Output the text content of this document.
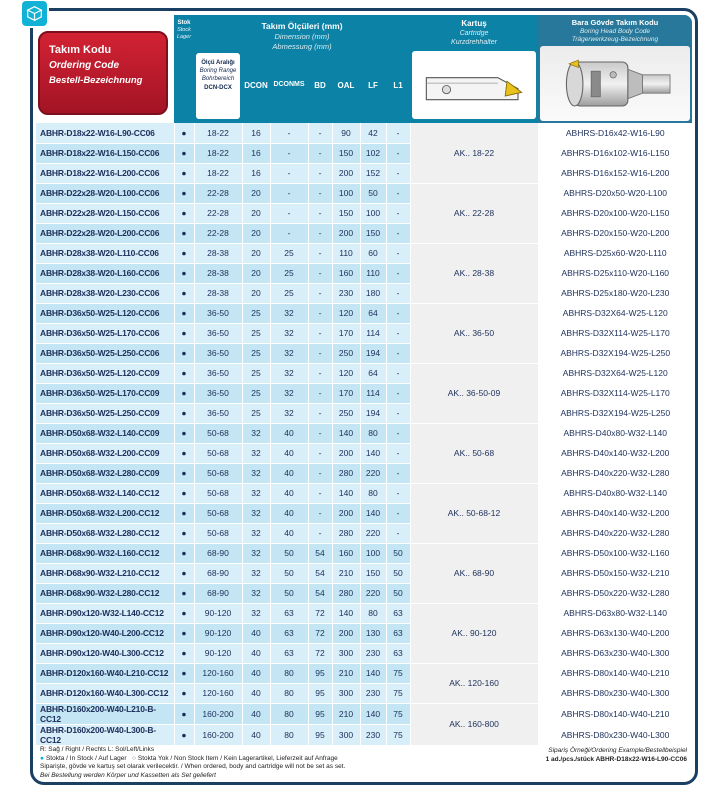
Takım Kodu
Ordering Code
Bestell-Bezeichnung
Stok
Stock
Lager
Takım Ölçüleri (mm)
Dimension (mm)
Abmessung (mm)
Ölçü Aralığı
Boring Range
Bohrbereich
DCN-DCX	DCON DCONMS	BD	OAL	LF	L1
Kartuş
Cartridge
Kurzdrehhalter
Bara Gövde Takım Kodu
Boring Head Body Code
Trägerwerkzeug-Bezeichnung
ABHR-D18x22-W16-L90-CC06	●	18-22	16	-	-	90	42	-	AK.. 18-22	ABHRS-D16x42-W16-L90
ABHR-D18x22-W16-L150-CC06	●	18-22	16	-	-	150	102	-		ABHRS-D16x102-W16-L150
ABHR-D18x22-W16-L200-CC06	●	18-22	16	-	-	200	152	-		ABHRS-D16x152-W16-L200
ABHR-D22x28-W20-L100-CC06	●	22-28	20	-	-	100	50	-	AK.. 22-28	ABHRS-D20x50-W20-L100
ABHR-D22x28-W20-L150-CC06	●	22-28	20	-	-	150	100	-		ABHRS-D20x100-W20-L150
ABHR-D22x28-W20-L200-CC06	●	22-28	20	-	-	200	150	-		ABHRS-D20x150-W20-L200
ABHR-D28x38-W20-L110-CC06	●	28-38	20	25	-	110	60	-	AK.. 28-38	ABHRS-D25x60-W20-L110
ABHR-D28x38-W20-L160-CC06	●	28-38	20	25	-	160	110	-		ABHRS-D25x110-W20-L160
ABHR-D28x38-W20-L230-CC06	●	28-38	20	25	-	230	180	-		ABHRS-D25x180-W20-L230
ABHR-D36x50-W25-L120-CC06	●	36-50	25	32	-	120	64	-	AK.. 36-50	ABHRS-D32X64-W25-L120
ABHR-D36x50-W25-L170-CC06	●	36-50	25	32	-	170	114	-		ABHRS-D32X114-W25-L170
ABHR-D36x50-W25-L250-CC06	●	36-50	25	32	-	250	194	-		ABHRS-D32X194-W25-L250
ABHR-D36x50-W25-L120-CC09	●	36-50	25	32	-	120	64	-	AK.. 36-50-09	ABHRS-D32X64-W25-L120
ABHR-D36x50-W25-L170-CC09	●	36-50	25	32	-	170	114	-		ABHRS-D32X114-W25-L170
ABHR-D36x50-W25-L250-CC09	●	36-50	25	32	-	250	194	-		ABHRS-D32X194-W25-L250
ABHR-D50x68-W32-L140-CC09	●	50-68	32	40	-	140	80	-	AK.. 50-68	ABHRS-D40x80-W32-L140
ABHR-D50x68-W32-L200-CC09	●	50-68	32	40	-	200	140	-		ABHRS-D40x140-W32-L200
ABHR-D50x68-W32-L280-CC09	●	50-68	32	40	-	280	220	-		ABHRS-D40x220-W32-L280
ABHR-D50x68-W32-L140-CC12	●	50-68	32	40	-	140	80	-	AK.. 50-68-12	ABHRS-D40x80-W32-L140
ABHR-D50x68-W32-L200-CC12	●	50-68	32	40	-	200	140	-		ABHRS-D40x140-W32-L200
ABHR-D50x68-W32-L280-CC12	●	50-68	32	40	-	280	220	-		ABHRS-D40x220-W32-L280
ABHR-D68x90-W32-L160-CC12	●	68-90	32	50	54	160	100	50	AK.. 68-90	ABHRS-D50x100-W32-L160
ABHR-D68x90-W32-L210-CC12	●	68-90	32	50	54	210	150	50		ABHRS-D50x150-W32-L210
ABHR-D68x90-W32-L280-CC12	●	68-90	32	50	54	280	220	50		ABHRS-D50x220-W32-L280
ABHR-D90x120-W32-L140-CC12	●	90-120	32	63	72	140	80	63	AK.. 90-120	ABHRS-D63x80-W32-L140
ABHR-D90x120-W40-L200-CC12	●	90-120	40	63	72	200	130	63		ABHRS-D63x130-W40-L200
ABHR-D90x120-W40-L300-CC12	●	90-120	40	63	72	300	230	63		ABHRS-D63x230-W40-L300
ABHR-D120x160-W40-L210-CC12	●	120-160	40	80	95	210	140	75	AK.. 120-160	ABHRS-D80x140-W40-L210
ABHR-D120x160-W40-L300-CC12	●	120-160	40	80	95	300	230	75		ABHRS-D80x230-W40-L300
ABHR-D160x200-W40-L210-B-CC12	●	160-200	40	80	95	210	140	75	AK.. 160-800	ABHRS-D80x140-W40-L210
ABHR-D160x200-W40-L300-B-CC12	●	160-200	40	80	95	300	230	75		ABHRS-D80x230-W40-L300
R: Sağ / Right / Rechts L: Sol/Left/Links
● Stokta / In Stock / Auf Lager ○ Stokta Yok / Non Stock Item / Kein Lagerartikel, Lieferzeit auf Anfrage
Siparişte, gövde ve kartuş set olarak verilecektir. / When ordered, body and cartridge will not be set as set.
Bei Bestellung werden Körper und Kassetten als Set geliefert
Sipariş Örneği/Ordering Example/Bestellbeispiel
1 ad./pcs./stück ABHR-D18x22-W16-L90-CC06
